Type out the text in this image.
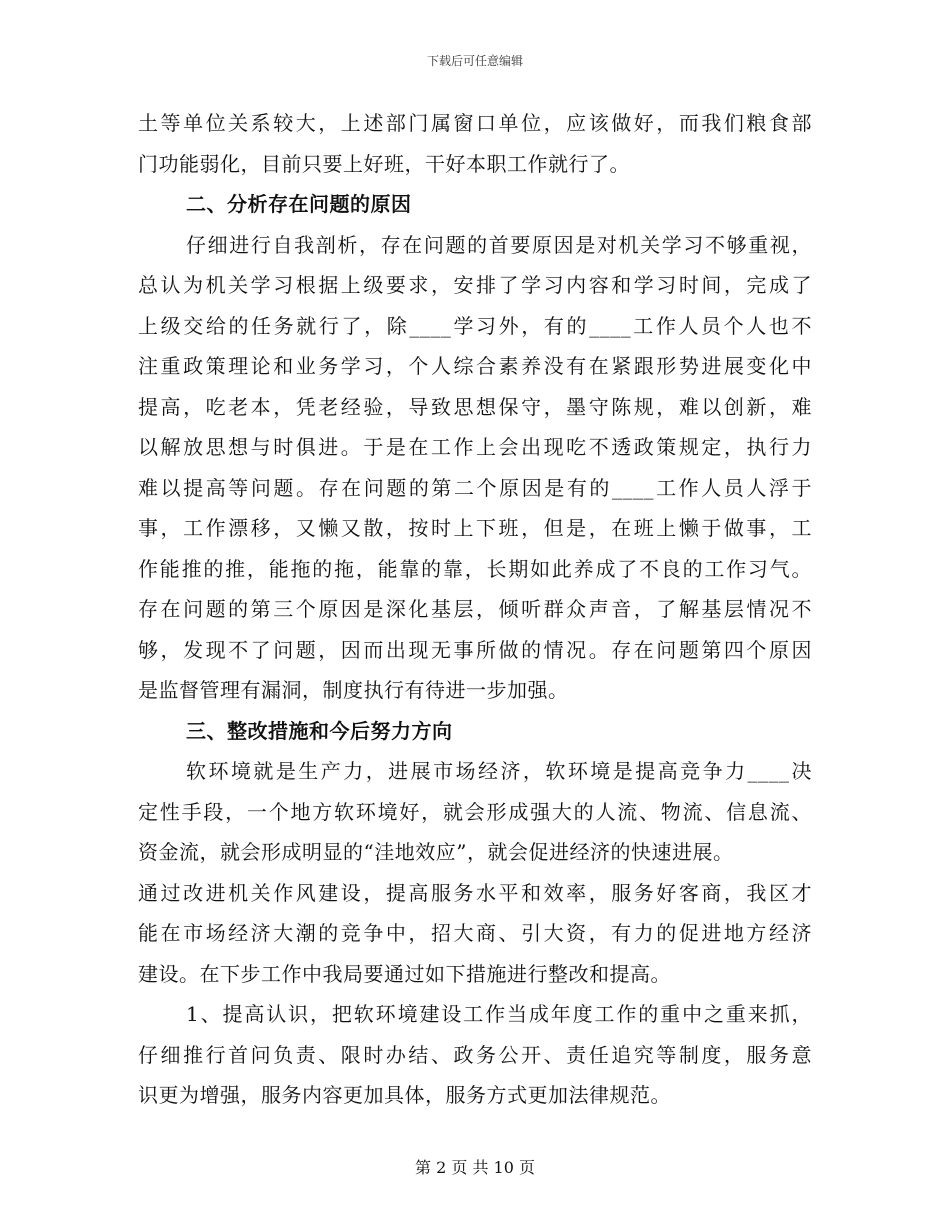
下载后可任意编辑
土等单位关系较大，上述部门属窗口单位，应该做好，而我们粮食部
门功能弱化，目前只要上好班，干好本职工作就行了。
二、分析存在问题的原因
仔细进行自我剖析，存在问题的首要原因是对机关学习不够重视，
总认为机关学习根据上级要求，安排了学习内容和学习时间，完成了
上级交给的任务就行了，除____学习外，有的____工作人员个人也不
注重政策理论和业务学习，个人综合素养没有在紧跟形势进展变化中
提高，吃老本，凭老经验，导致思想保守，墨守陈规，难以创新，难
以解放思想与时俱进。于是在工作上会出现吃不透政策规定，执行力
难以提高等问题。存在问题的第二个原因是有的____工作人员人浮于
事，工作漂移，又懒又散，按时上下班，但是，在班上懒于做事，工
作能推的推，能拖的拖，能靠的靠，长期如此养成了不良的工作习气。
存在问题的第三个原因是深化基层，倾听群众声音，了解基层情况不
够，发现不了问题，因而出现无事所做的情况。存在问题第四个原因
是监督管理有漏洞，制度执行有待进一步加强。
三、整改措施和今后努力方向
软环境就是生产力，进展市场经济，软环境是提高竞争力____决
定性手段，一个地方软环境好，就会形成强大的人流、物流、信息流、
资金流，就会形成明显的“洼地效应”，就会促进经济的快速进展。
通过改进机关作风建设，提高服务水平和效率，服务好客商，我区才
能在市场经济大潮的竞争中，招大商、引大资，有力的促进地方经济
建设。在下步工作中我局要通过如下措施进行整改和提高。
1、提高认识，把软环境建设工作当成年度工作的重中之重来抓，
仔细推行首问负责、限时办结、政务公开、责任追究等制度，服务意
识更为增强，服务内容更加具体，服务方式更加法律规范。
第 2 页 共 10 页
